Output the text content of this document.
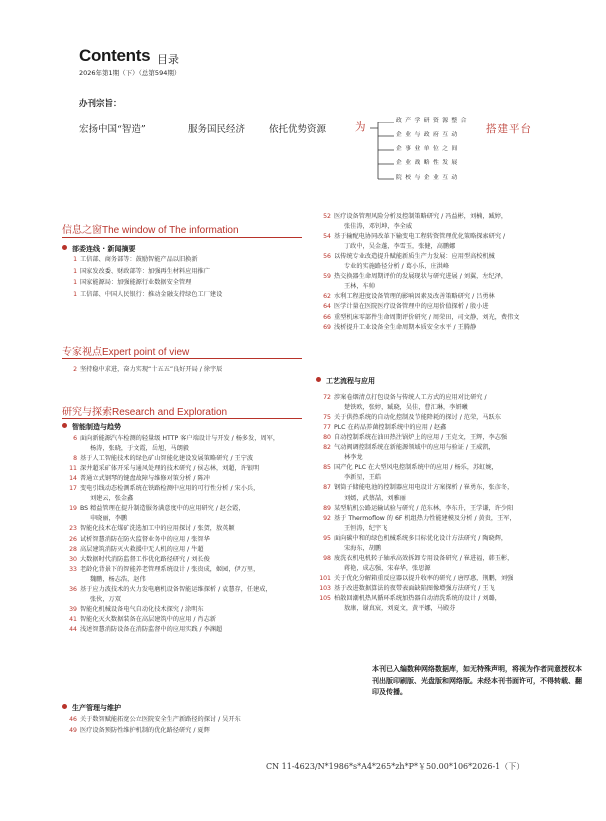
Contents 目录
2026年第1期（下）（总第594期）
办刊宗旨：
宏扬中国“智造”	服务国民经济	依托优势资源	为	搭建平台
政 产 学 研 资 源 整 合
企 业 与 政 府 互 动
企 事 业 单 位 之 间
企 业 战 略 性 发 展
院 校 与 企 业 互 动
信息之窗The window of The information
部委连线 · 新闻摘要
1 工信部、商务部等：鼓励智能产品以旧换新
1 国家发改委、财政部等：加强再生材料应用推广
1 国家能源局：加强能源行业数据安全管理
1 工信部、中国人民银行：推动金融支持绿色工厂建设
专家视点Expert point of view
2 坚持稳中求进，奋力实现“十五五”良好开局 / 徐宇辰
研究与探索Research and Exploration
智能制造与趋势
6 面向新能源汽车检测的轻量级 HTTP 客户端设计与开发 / 杨多发，周军，
杨涛，张晓，于文霞，岳旭，马朗毅
8 基于人工智能技术的绿色矿山智能化建设发展策略研究 / 王宁波
11 深井超采矿体开采与通风处理的技术研究 / 侯志林，刘超，许银明
14 普通立式钢琴的键盘故障与维修对策分析 / 陈冲
17 变电引线动态检测系统在铁路检测中应用的可行性分析 / 宋小兵，
刘建云，张金鑫
19 BS 精益管理在提升制造服务满意度中的应用研究 / 赵会霞，
申晓丽，李鹏
23 智能化技术在煤矿洗选加工中的应用探讨 / 张贺，敖英颖
26 试析智慧消防在防火监督业务中的应用 / 张智华
28 高层建筑消防灭火救援中无人机的应用 / 牛超
30 大数据时代消防监督工作优化路径研究 / 刘长俊
33 老龄化背景下的智能养老管理系统设计 / 张贵成，姬园，伊万里，
魏鹏，杨志浩，赵伟
36 基于应力波技术的火力发电磨机设备智能运维探析 / 袁慧存，任建成，
张伙，万双
39 智能化机械设备电气自动化技术探究 / 涂明东
41 智能化灭火数据装备在高层建筑中的应用 / 肖志新
44 浅述智慧消防设备在消防监督中的应用实践 / 李渊超
生产管理与维护
46 关于数智赋能拓宽公立医院安全生产新路径的探讨 / 吴开东
49 医疗设备预防性维护机制的优化路径研究 / 夏辉
52 医疗设备管理风险分析及控制策略研究 / 冯益彬，刘楠，臧婷，
张佳涛，邓钊坤，李全威
54 基于输配电协同改革下输变电工程转资管理优化策略探索研究 /
丁政中，吴金蓬，李雪玉，张健，高鹏娜
56 以传统专业改造提升赋能新质生产力发展：应用型高校机械
专业的实施路径分析 / 葛小乐，庄洪峰
59 热交换器生命周期评价的发展现状与研究进展 / 刘翼，左纪泽，
王林，车帅
62 水利工程进度设备管理的影响因素及改善策略研究 / 吕勇林
64 医学计量在医院医疗设备管理中的应用价值探析 / 殷小进
66 重型机床零部件生命周期评价研究 / 周荣田，司文静，刘光，费伟文
69 浅析提升工业设备全生命周期本质安全水平 / 王腾静
工艺流程与应用
72 涉案卷烟清点打包设备与传统人工方式的应用对比研究 /
楚铁欧，张婷，臧晓，吴佳，曹汇琳，李妍曦
75 关于供热系统的自动化控制及节能降耗的探讨 / 范荣，马跃东
77 PLC 在药品养菌控制系统中的应用 / 赵鑫
80 自动控制系统在油田热注锅炉上的应用 / 王克文，王辉，李志强
82 气动阀调控制系统在新能源领域中的应用与验证 / 王威凯，
林李龙
85 国产化 PLC 在大型风电控制系统中的应用 / 杨乐，苏虹婉，
李新星，王皓
87 钢筒子储能电池的控制器应用电设计方案探析 / 崔勇东，张彦冬，
刘嫣，武蔡喆，刘雅丽
89 某型航机公路运输试验与研究 / 范东林，李东升，王学谦，许少阳
92 基于 Thermoflow 的 6F 机组热力性能建模及分析 / 黄贵，王军，
王恒涛，纪宇飞
95 面向碳中和的绿色机械系统多目标优化设计方法研究 / 陶晓辉，
宋海东，胡鹏
98 废洗衣机电机转子轴承高效拆卸专用设备研究 / 崔进福，韩玉彬，
蒋艳，成志强，宋春华，张思源
101 关于优化分解箱重反应器以提升收率的研究 / 唐厚惠，荆鹏，刘强
103 基于改进数据算法的夜带表面缺陷图像增强方法研究 / 王飞
105 柏散回潮机热风循环系统加热器自动清洗系统的设计 / 刘璐，
敖康，谢真宸，刘夏文，黄平娜，马殿芬
本刊已入编数种网络数据库，如无特殊声明，将视为作者同意授权本刊出版印刷版、光盘版和网络版。未经本刊书面许可，不得转载、翻印及传播。
CN 11-4623/N*1986*s*A4*265*zh*P*￥50.00*106*2026-1（下）
